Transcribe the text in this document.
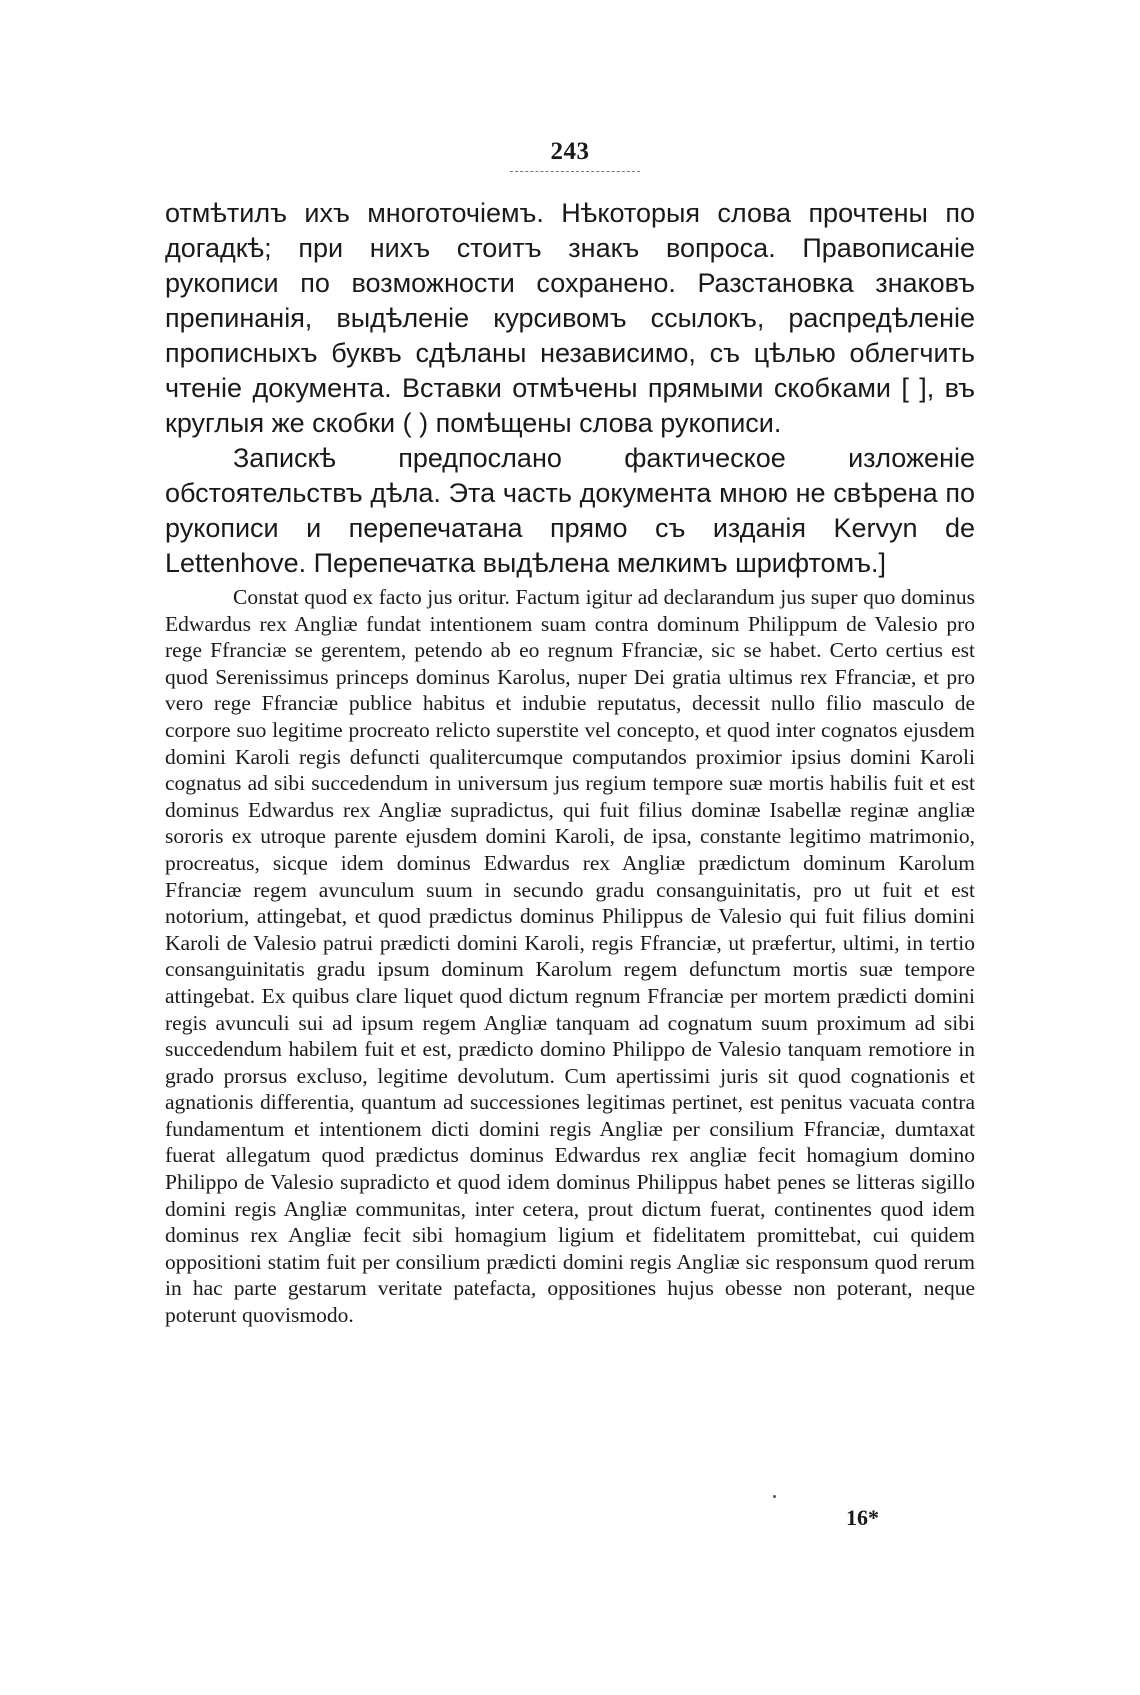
243

отмѣтилъ ихъ многоточіемъ. Нѣкоторыя слова прочтены по догадкѣ; при нихъ стоитъ знакъ вопроса. Правописаніе рукописи по возможности сохранено. Разстановка знаковъ препинанія, выдѣленіе курсивомъ ссылокъ, распредѣленіе прописныхъ буквъ сдѣланы независимо, съ цѣлью облегчить чтеніе документа. Вставки отмѣчены прямыми скобками [ ], въ круглыя же скобки ( ) помѣщены слова рукописи.

Запискѣ предпослано фактическое изложеніе обстоятельствъ дѣла. Эта часть документа мною не свѣрена по рукописи и перепечатана прямо съ изданія Kervyn de Lettenhove. Перепечатка выдѣлена мелкимъ шрифтомъ.]

Constat quod ex facto jus oritur. Factum igitur ad declarandum jus super quo dominus Edwardus rex Angliæ fundat intentionem suam contra dominum Philippum de Valesio pro rege Ffranciæ se gerentem, petendo ab eo regnum Ffranciæ, sic se habet. Certo certius est quod Serenissimus princeps dominus Karolus, nuper Dei gratia ultimus rex Ffranciæ, et pro vero rege Ffranciæ publice habitus et indubie reputatus, decessit nullo filio masculo de corpore suo legitime procreato relicto superstite vel concepto, et quod inter cognatos ejusdem domini Karoli regis defuncti qualitercumque computandos proximior ipsius domini Karoli cognatus ad sibi succedendum in universum jus regium tempore suæ mortis habilis fuit et est dominus Edwardus rex Angliæ supradictus, qui fuit filius dominæ Isabellæ reginæ angliæ sororis ex utroque parente ejusdem domini Karoli, de ipsa, constante legitimo matrimonio, procreatus, sicque idem dominus Edwardus rex Angliæ prædictum dominum Karolum Ffranciæ regem avunculum suum in secundo gradu consanguinitatis, pro ut fuit et est notorium, attingebat, et quod prædictus dominus Philippus de Valesio qui fuit filius domini Karoli de Valesio patrui prædicti domini Karoli, regis Ffranciæ, ut præfertur, ultimi, in tertio consanguinitatis gradu ipsum dominum Karolum regem defunctum mortis suæ tempore attingebat. Ex quibus clare liquet quod dictum regnum Ffranciæ per mortem prædicti domini regis avunculi sui ad ipsum regem Angliæ tanquam ad cognatum suum proximum ad sibi succedendum habilem fuit et est, prædicto domino Philippo de Valesio tanquam remotiore in grado prorsus excluso, legitime devolutum. Cum apertissimi juris sit quod cognationis et agnationis differentia, quantum ad successiones legitimas pertinet, est penitus vacuata contra fundamentum et intentionem dicti domini regis Angliæ per consilium Ffranciæ, dumtaxat fuerat allegatum quod prædictus dominus Edwardus rex angliæ fecit homagium domino Philippo de Valesio supradicto et quod idem dominus Philippus habet penes se litteras sigillo domini regis Angliæ communitas, inter cetera, prout dictum fuerat, continentes quod idem dominus rex Angliæ fecit sibi homagium ligium et fidelitatem promittebat, cui quidem oppositioni statim fuit per consilium prædicti domini regis Angliæ sic responsum quod rerum in hac parte gestarum veritate patefacta, oppositiones hujus obesse non poterant, neque poterunt quovismodo.

16*
